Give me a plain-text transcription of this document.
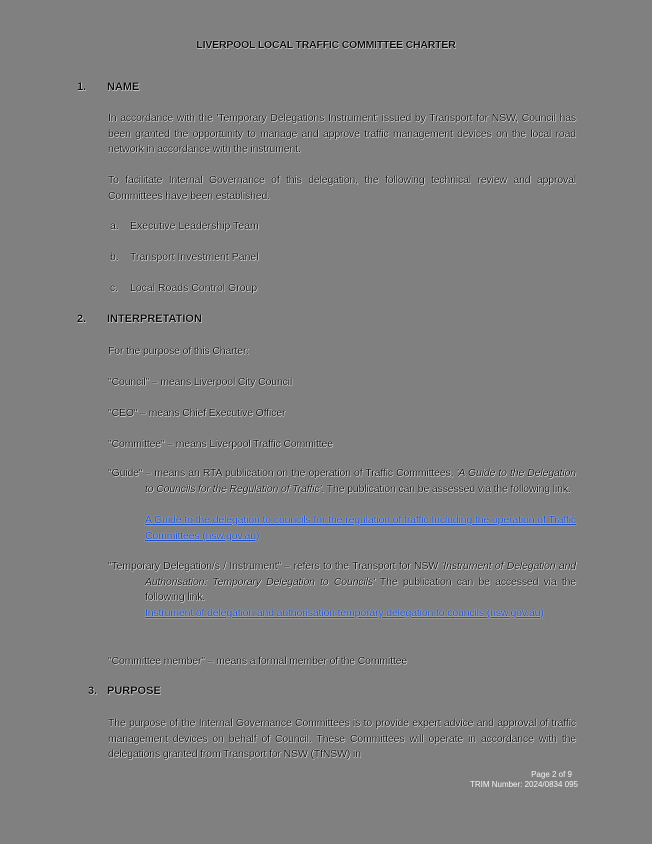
LIVERPOOL LOCAL TRAFFIC COMMITTEE CHARTER
1.	NAME
In accordance with the 'Temporary Delegations Instrument' issued by Transport for NSW, Council has been granted the opportunity to manage and approve traffic management devices on the local road network in accordance with the instrument.
To facilitate Internal Governance of this delegation, the following technical review and approval Committees have been established.
a.	Executive Leadership Team
b.	Transport Investment Panel
c.	Local Roads Control Group
2.	INTERPRETATION
For the purpose of this Charter:
"Council" – means Liverpool City Council
"CEO" – means Chief Executive Officer
"Committee" – means Liverpool Traffic Committee
"Guide" – means an RTA publication on the operation of Traffic Committees, 'A Guide to the Delegation to Councils for the Regulation of Traffic'. The publication can be assessed via the following link.
A Guide to the delegation to councils for the regulation of traffic Including the operation of Traffic Committees (nsw.gov.au)
"Temporary Delegation/s / Instrument" – refers to the Transport for NSW 'Instrument of Delegation and Authorisation: Temporary Delegation to Councils' The publication can be accessed via the following link.
Instrument of delegation and authorisation temporary delegation to councils (nsw.gov.au)
"Committee member" – means a formal member of the Committee
3. PURPOSE
The purpose of the Internal Governance Committees is to provide expert advice and approval of traffic management devices on behalf of Council. These Committees will operate in accordance with the delegations granted from Transport for NSW (TfNSW) in
Page 2 of 9
TRIM Number: 2024/0834 095
